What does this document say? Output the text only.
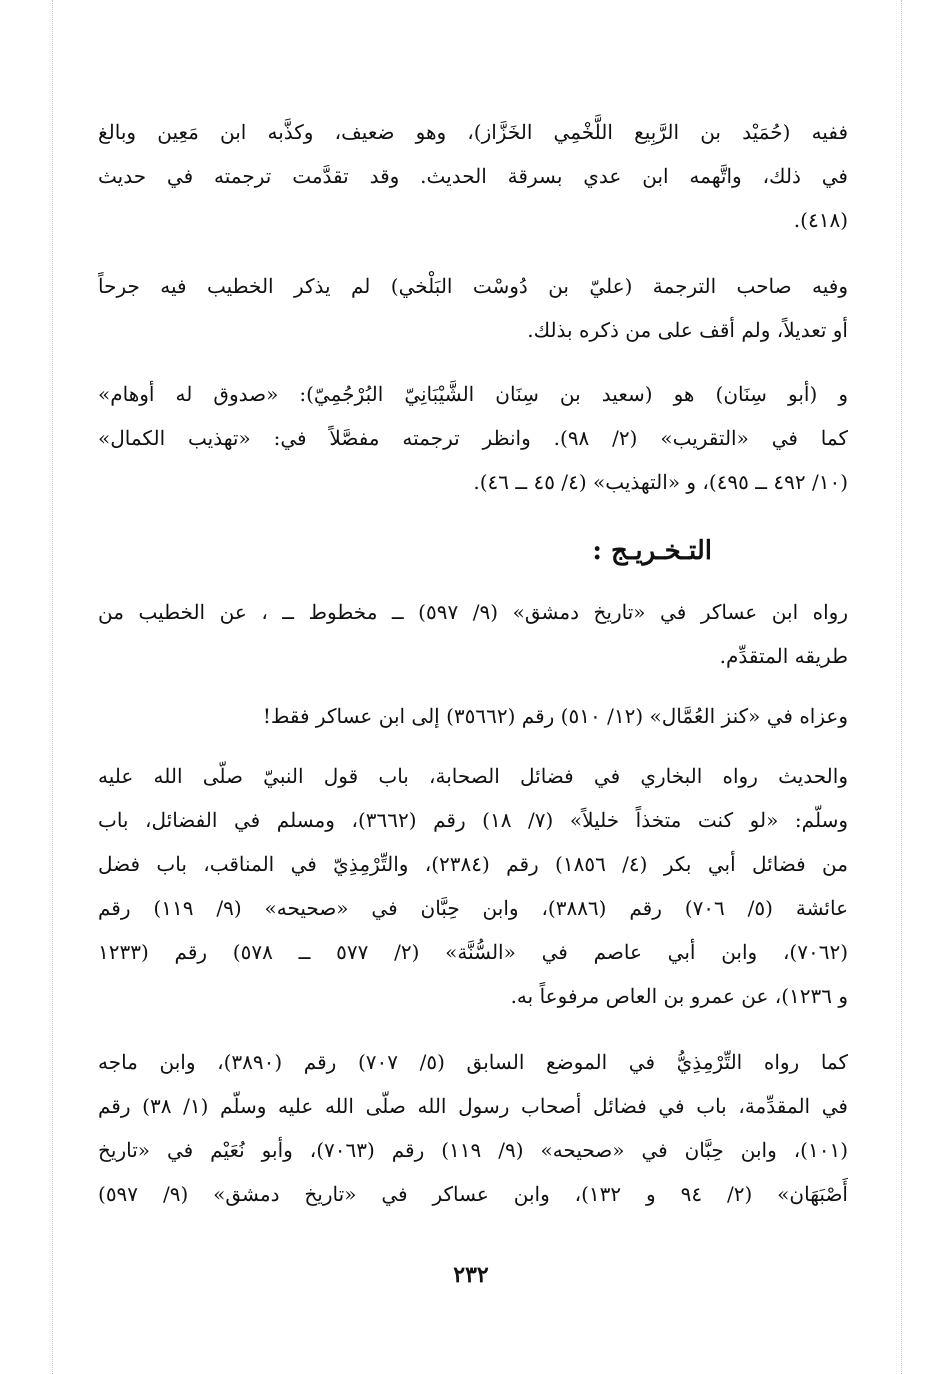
ففيه (حُمَيْد بن الرَّبِيع اللَّخْمِي الخَزَّاز)، وهو ضعيف، وكذَّبه ابن مَعِين وبالغ
في ذلك، واتَّهمه ابن عدي بسرقة الحديث. وقد تقدَّمت ترجمته في حديث
(٤١٨).
وفيه صاحب الترجمة (عليّ بن دُوسْت البَلْخي) لم يذكر الخطيب فيه جرحاً
أو تعديلاً، ولم أقف على من ذكره بذلك.
و (أبو سِنَان) هو (سعيد بن سِنَان الشَّيْبَانِيّ البُرْجُمِيّ): «صدوق له أوهام»
كما في «التقريب» (٢/ ٩٨). وانظر ترجمته مفصَّلاً في: «تهذيب الكمال»
(١٠/ ٤٩٢ ــ ٤٩٥)، و «التهذيب» (٤/ ٤٥ ــ ٤٦).
التـخـريـج :
رواه ابن عساكر في «تاريخ دمشق» (٩/ ٥٩٧) ــ مخطوط ــ ، عن الخطيب من
طريقه المتقدِّم.
وعزاه في «كنز العُمَّال» (١٢/ ٥١٠) رقم (٣٥٦٦٢) إلى ابن عساكر فقط!
والحديث رواه البخاري في فضائل الصحابة، باب قول النبيّ صلّى الله عليه
وسلّم: «لو كنت متخذاً خليلاً» (٧/ ١٨) رقم (٣٦٦٢)، ومسلم في الفضائل، باب
من فضائل أبي بكر (٤/ ١٨٥٦) رقم (٢٣٨٤)، والتِّرْمِذِيّ في المناقب، باب فضل
عائشة (٥/ ٧٠٦) رقم (٣٨٨٦)، وابن حِبَّان في «صحيحه» (٩/ ١١٩) رقم
(٧٠٦٢)، وابن أبي عاصم في «السُّنَّة» (٢/ ٥٧٧ ــ ٥٧٨) رقم (١٢٣٣
و ١٢٣٦)، عن عمرو بن العاص مرفوعاً به.
كما رواه التِّرْمِذِيُّ في الموضع السابق (٥/ ٧٠٧) رقم (٣٨٩٠)، وابن ماجه
في المقدِّمة، باب في فضائل أصحاب رسول الله صلّى الله عليه وسلّم (١/ ٣٨) رقم
(١٠١)، وابن حِبَّان في «صحيحه» (٩/ ١١٩) رقم (٧٠٦٣)، وأبو نُعَيْم في «تاريخ
أَصْبَهَان» (٢/ ٩٤ و ١٣٢)، وابن عساكر في «تاريخ دمشق» (٩/ ٥٩٧)
٢٣٢
